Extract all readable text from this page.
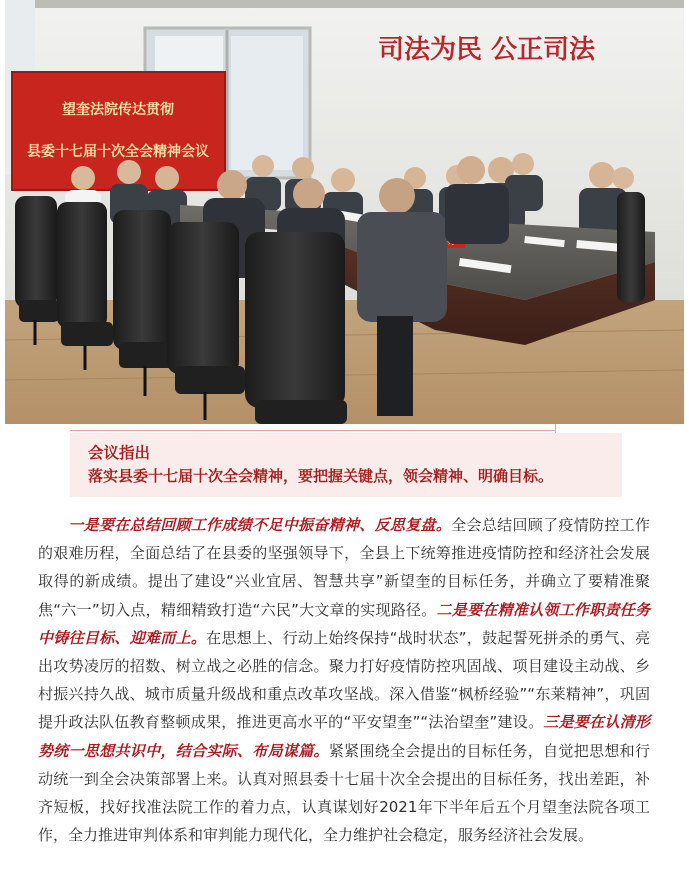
司法为民 公正司法
望奎法院传达贯彻
县委十七届十次全会精神会议
会议指出
落实县委十七届十次全会精神，要把握关键点，领会精神、明确目标。

一是要在总结回顾工作成绩不足中振奋精神、反思复盘。全会总结回顾了疫情防控工作的艰难历程，全面总结了在县委的坚强领导下，全县上下统筹推进疫情防控和经济社会发展取得的新成绩。提出了建设“兴业宜居、智慧共享”新望奎的目标任务，并确立了要精准聚焦“六一”切入点，精细精致打造“六民”大文章的实现路径。二是要在精准认领工作职责任务中铸往目标、迎难而上。在思想上、行动上始终保持“战时状态”，鼓起誓死拼杀的勇气、亮出攻势凌厉的招数、树立战之必胜的信念。聚力打好疫情防控巩固战、项目建设主动战、乡村振兴持久战、城市质量升级战和重点改革攻坚战。深入借鉴“枫桥经验”“东莱精神”，巩固提升政法队伍教育整顿成果，推进更高水平的“平安望奎”“法治望奎”建设。三是要在认清形势统一思想共识中，结合实际、布局谋篇。紧紧围绕全会提出的目标任务，自觉把思想和行动统一到全会决策部署上来。认真对照县委十七届十次全会提出的目标任务，找出差距，补齐短板，找好找准法院工作的着力点，认真谋划好2021年下半年后五个月望奎法院各项工作，全力推进审判体系和审判能力现代化，全力维护社会稳定，服务经济社会发展。
